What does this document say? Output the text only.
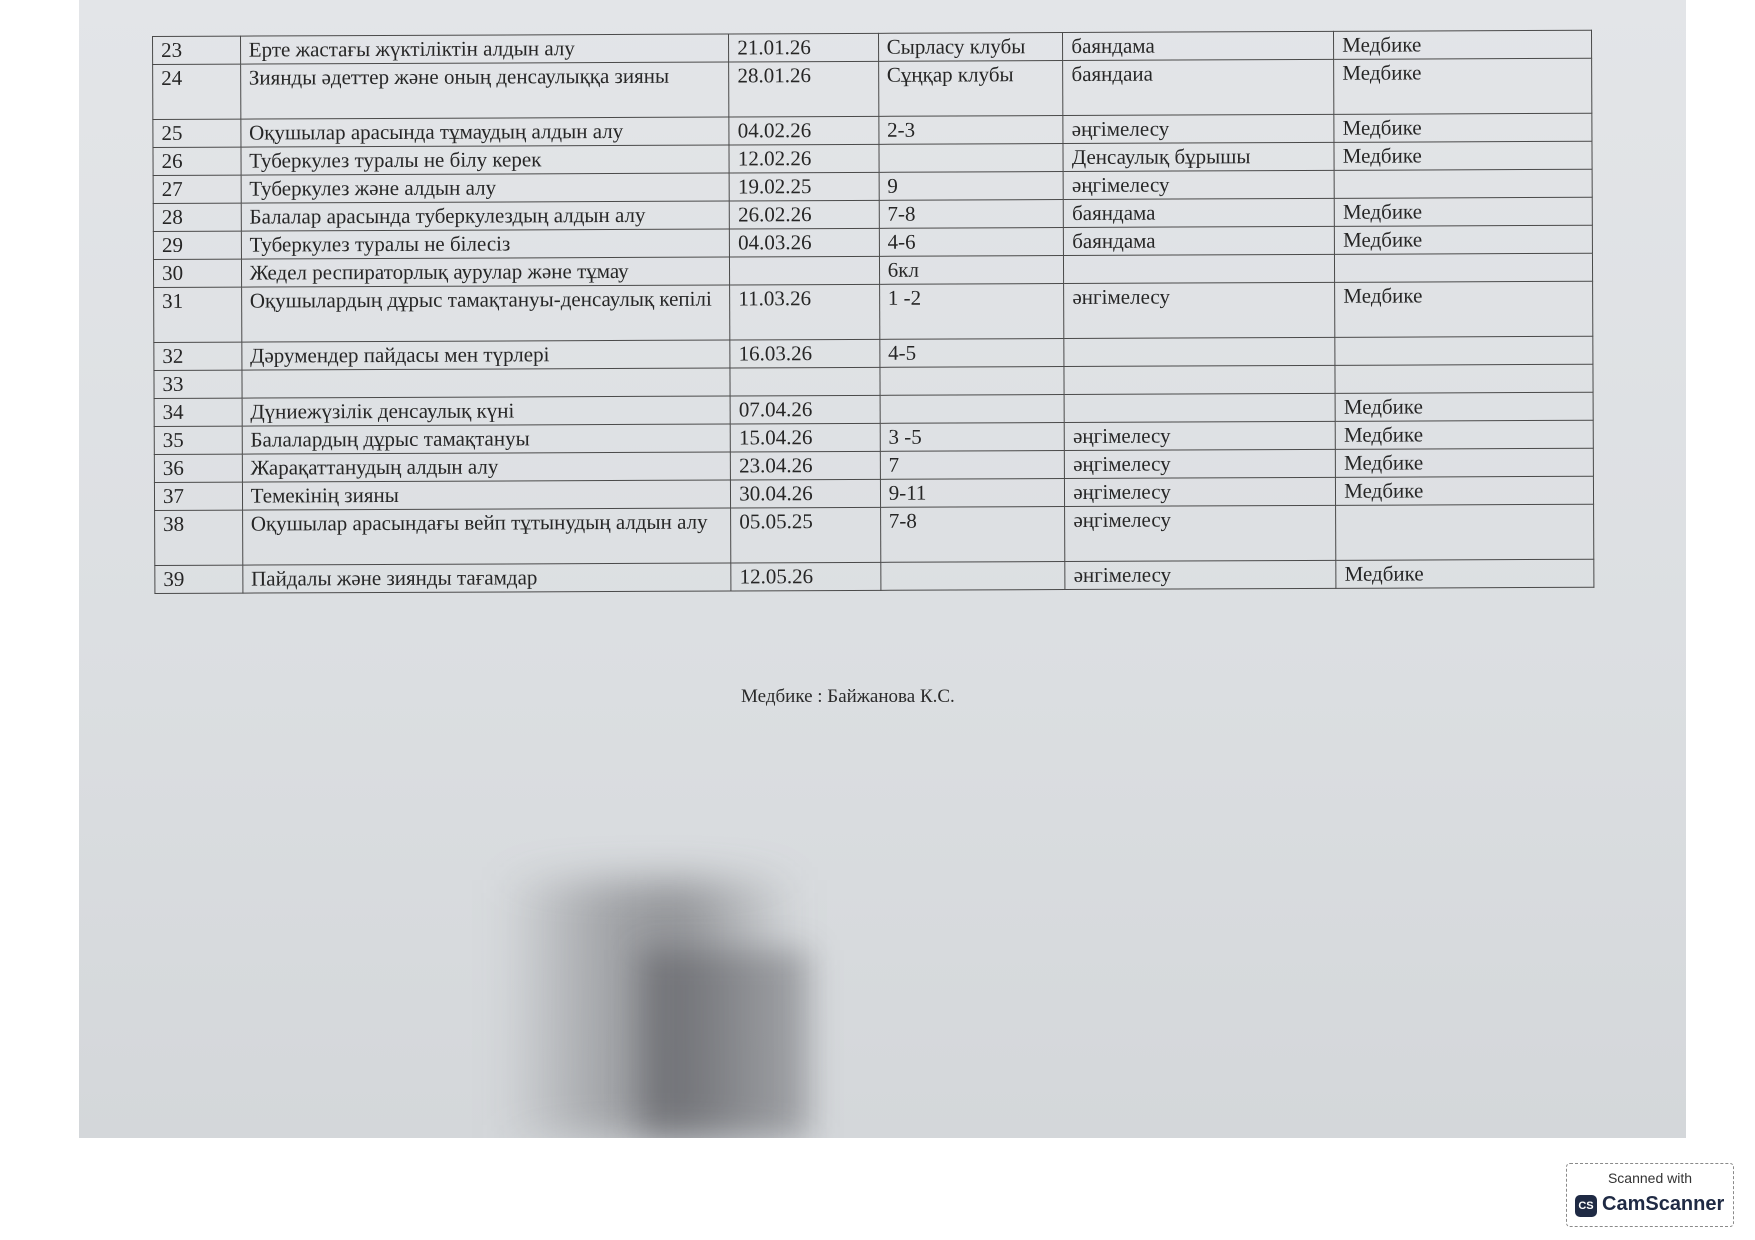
23	Ерте жастағы жүктіліктін алдын алу	21.01.26	Сырласу клубы	баяндама	Медбике
24	Зиянды әдеттер және оның денсаулыққа зияны	28.01.26	Сұңқар клубы	баяндаиа	Медбике
25	Оқушылар арасында тұмаудың алдын алу	04.02.26	2-3	әңгімелесу	Медбике
26	Туберкулез туралы не білу керек	12.02.26		Денсаулық бұрышы	Медбике
27	Туберкулез және алдын алу	19.02.25	9	әңгімелесу	
28	Балалар арасында туберкулездың алдын алу	26.02.26	7-8	баяндама	Медбике
29	Туберкулез туралы не білесіз	04.03.26	4-6	баяндама	Медбике
30	Жедел респираторлық аурулар және тұмау		6кл		
31	Оқушылардың дұрыс тамақтануы-денсаулық кепілі	11.03.26	1 -2	әнгімелесу	Медбике
32	Дәрумендер пайдасы мен түрлері	16.03.26	4-5		
33					
34	Дүниежүзілік денсаулық күні	07.04.26			Медбике
35	Балалардың дұрыс тамақтануы	15.04.26	3 -5	әңгімелесу	Медбике
36	Жарақаттанудың алдын алу	23.04.26	7	әңгімелесу	Медбике
37	Темекінің зияны	30.04.26	9-11	әңгімелесу	Медбике
38	Оқушылар арасындағы вейп тұтынудың алдын алу	05.05.25	7-8	әңгімелесу	
39	Пайдалы және зиянды тағамдар	12.05.26		әнгімелесу	Медбике
Медбике : Байжанова К.С.
Scanned with
CS CamScanner
